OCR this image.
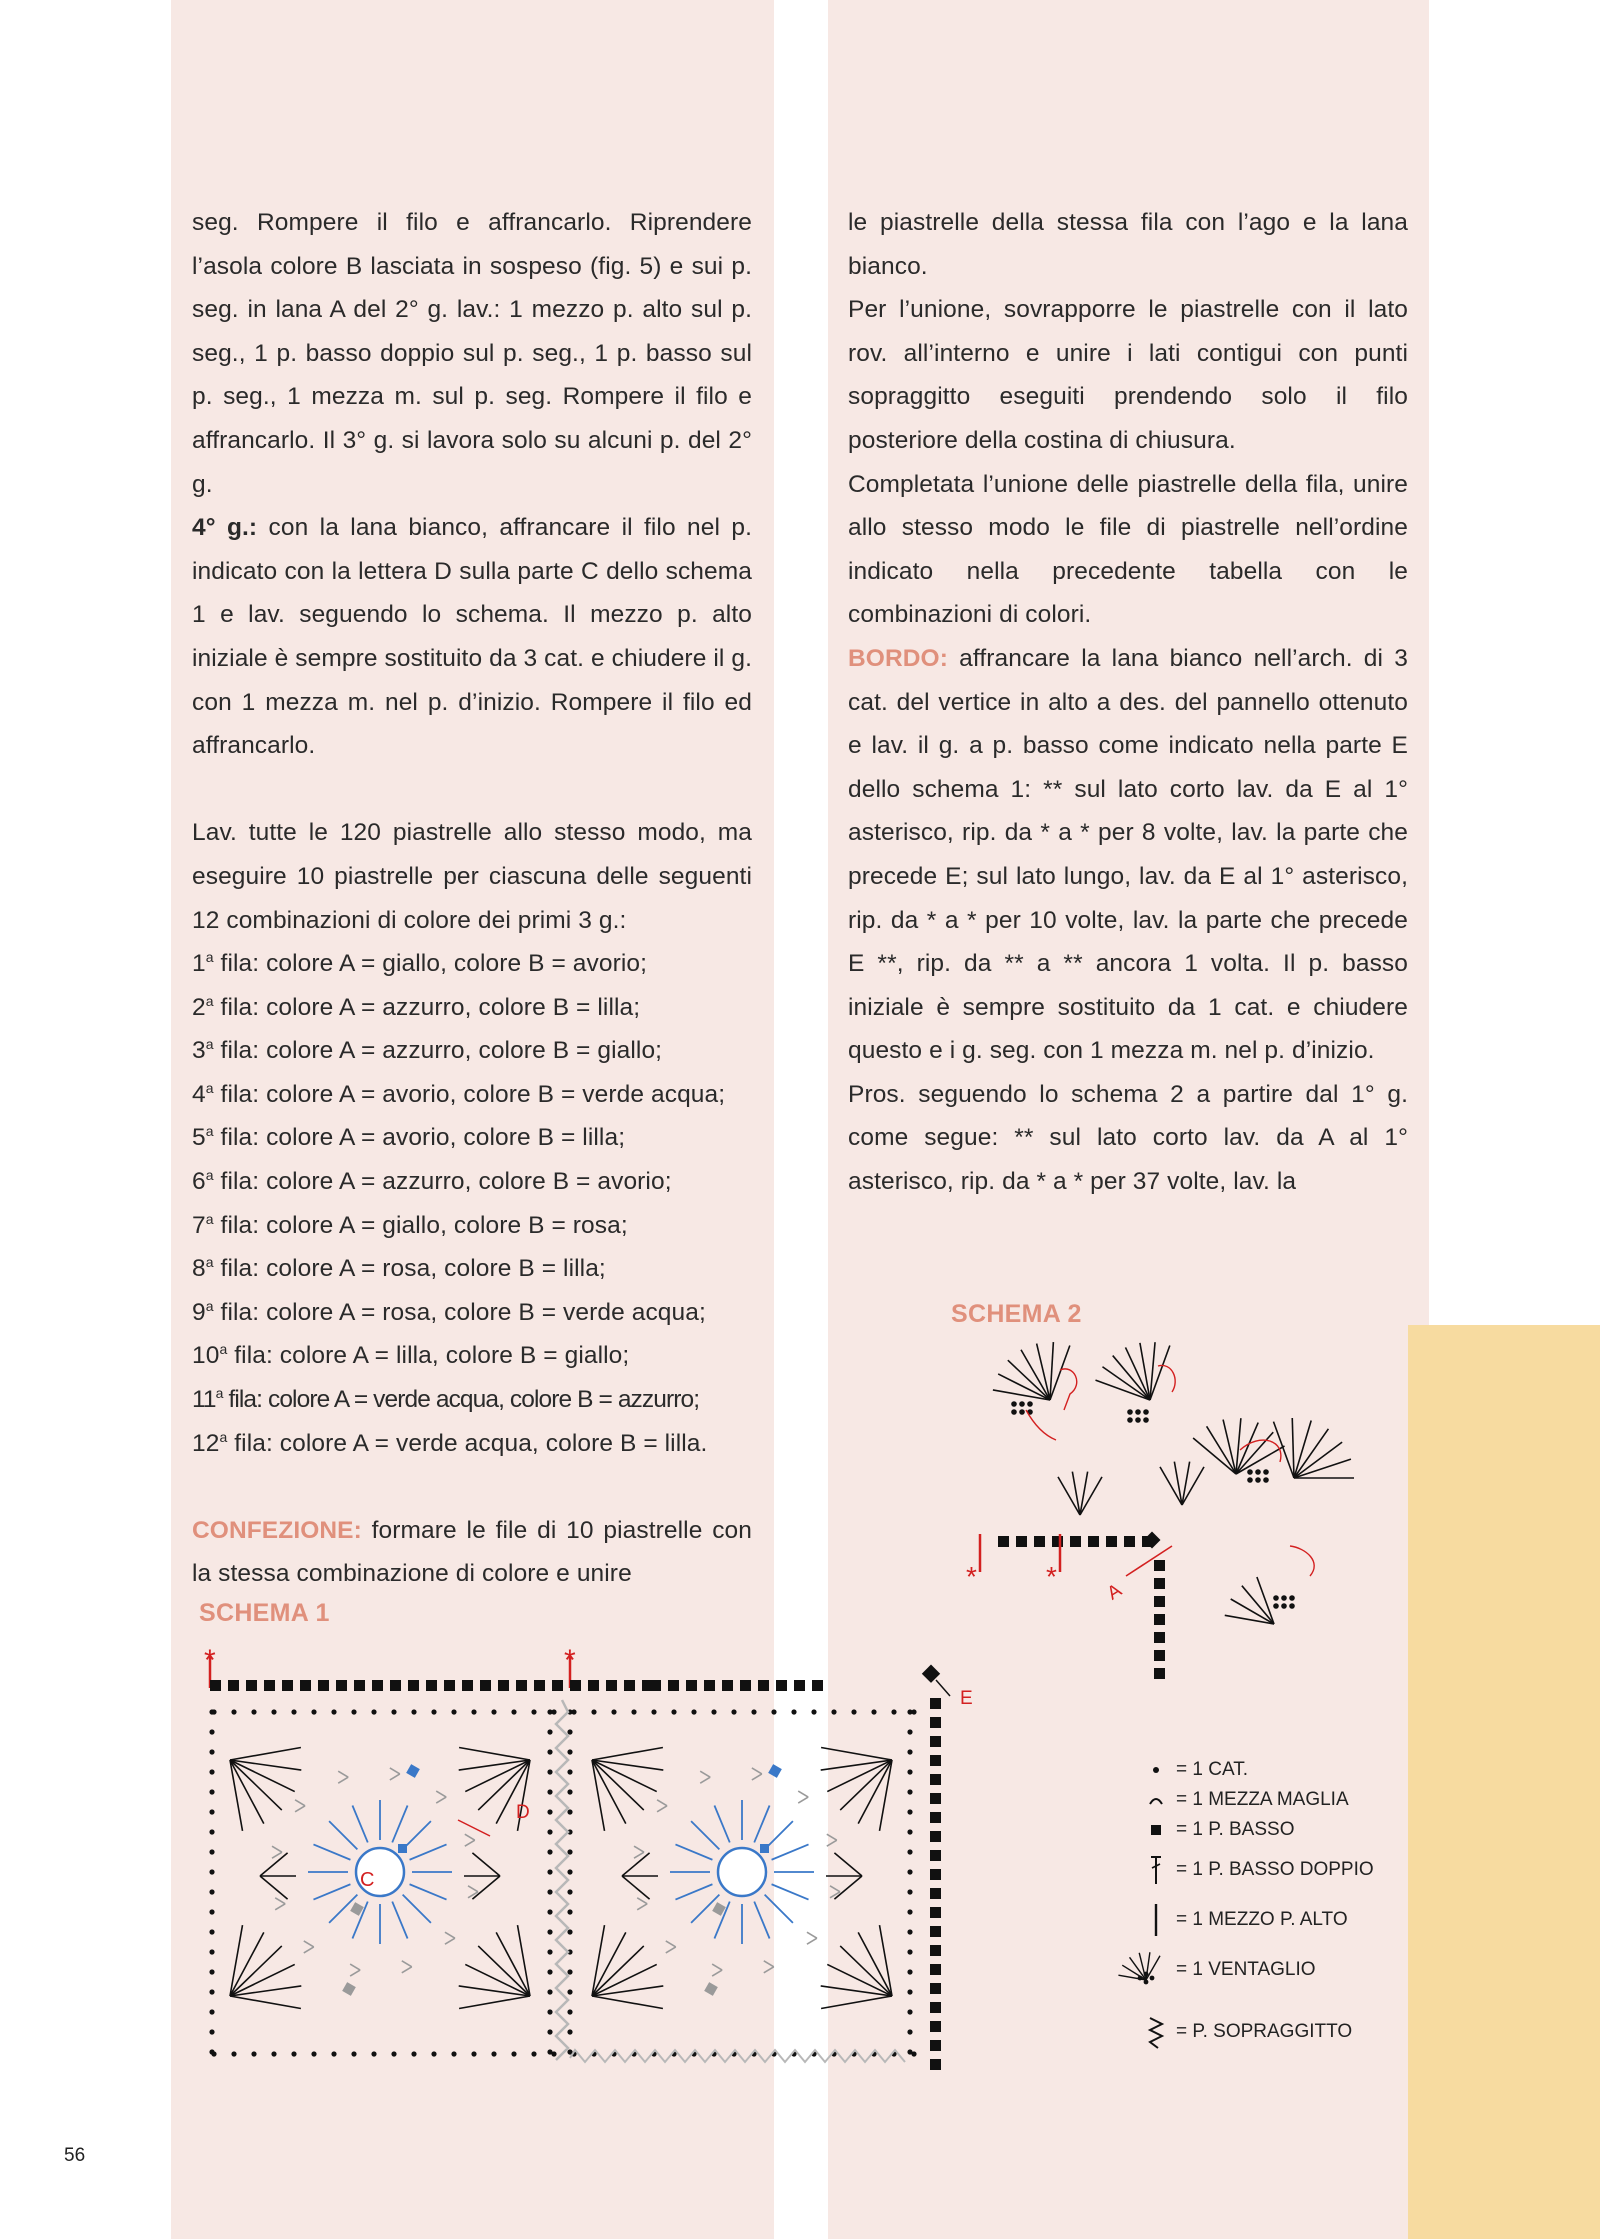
seg. Rompere il filo e affrancarlo. Riprendere l’asola colore B lasciata in sospeso (fig. 5) e sui p. seg. in lana A del 2° g. lav.: 1 mezzo p. alto sul p. seg., 1 p. basso doppio sul p. seg., 1 p. basso sul p. seg., 1 mezza m. sul p. seg. Rompere il filo e affrancarlo. Il 3° g. si lavora solo su alcuni p. del 2° g.

4° g.: con la lana bianco, affrancare il filo nel p. indicato con la lettera D sulla parte C dello schema 1 e lav. seguendo lo schema. Il mezzo p. alto iniziale è sempre sostituito da 3 cat. e chiudere il g. con 1 mezza m. nel p. d’inizio. Rompere il filo ed affrancarlo.

Lav. tutte le 120 piastrelle allo stesso modo, ma eseguire 10 piastrelle per ciascuna delle seguenti 12 combinazioni di colore dei primi 3 g.:

1$^a$ fila: colore A = giallo, colore B = avorio;
2$^a$ fila: colore A = azzurro, colore B = lilla;
3$^a$ fila: colore A = azzurro, colore B = giallo;
4$^a$ fila: colore A = avorio, colore B = verde acqua;
5$^a$ fila: colore A = avorio, colore B = lilla;
6$^a$ fila: colore A = azzurro, colore B = avorio;
7$^a$ fila: colore A = giallo, colore B = rosa;
8$^a$ fila: colore A = rosa, colore B = lilla;
9$^a$ fila: colore A = rosa, colore B = verde acqua;
10$^a$ fila: colore A = lilla, colore B = giallo;
11$^a$ fila: colore A = verde acqua, colore B = azzurro;
12$^a$ fila: colore A = verde acqua, colore B = lilla.

CONFEZIONE: formare le file di 10 piastrelle con la stessa combinazione di colore e unire

le piastrelle della stessa fila con l’ago e la lana bianco.

Per l’unione, sovrapporre le piastrelle con il lato rov. all’interno e unire i lati contigui con punti sopraggitto eseguiti prendendo solo il filo posteriore della costina di chiusura.

Completata l’unione delle piastrelle della fila, unire allo stesso modo le file di piastrelle nell’ordine indicato nella precedente tabella con le combinazioni di colori.

BORDO: affrancare la lana bianco nell’arch. di 3 cat. del vertice in alto a des. del pannello ottenuto e lav. il g. a p. basso come indicato nella parte E dello schema 1: ** sul lato corto lav. da E al 1° asterisco, rip. da * a * per 8 volte, lav. la parte che precede E; sul lato lungo, lav. da E al 1° asterisco, rip. da * a * per 10 volte, lav. la parte che precede E **, rip. da ** a ** ancora 1 volta. Il p. basso iniziale è sempre sostituito da 1 cat. e chiudere questo e i g. seg. con 1 mezza m. nel p. d’inizio.

Pros. seguendo lo schema 2 a partire dal 1° g. come segue: ** sul lato corto lav. da A al 1° asterisco, rip. da * a * per 37 volte, lav. la

SCHEMA 1
SCHEMA 2
*	*
C
D
E
* *
A
= 1 CAT.
= 1 MEZZA MAGLIA
= 1 P. BASSO
= 1 P. BASSO DOPPIO
= 1 MEZZO P. ALTO
= 1 VENTAGLIO
= P. SOPRAGGITTO
56
